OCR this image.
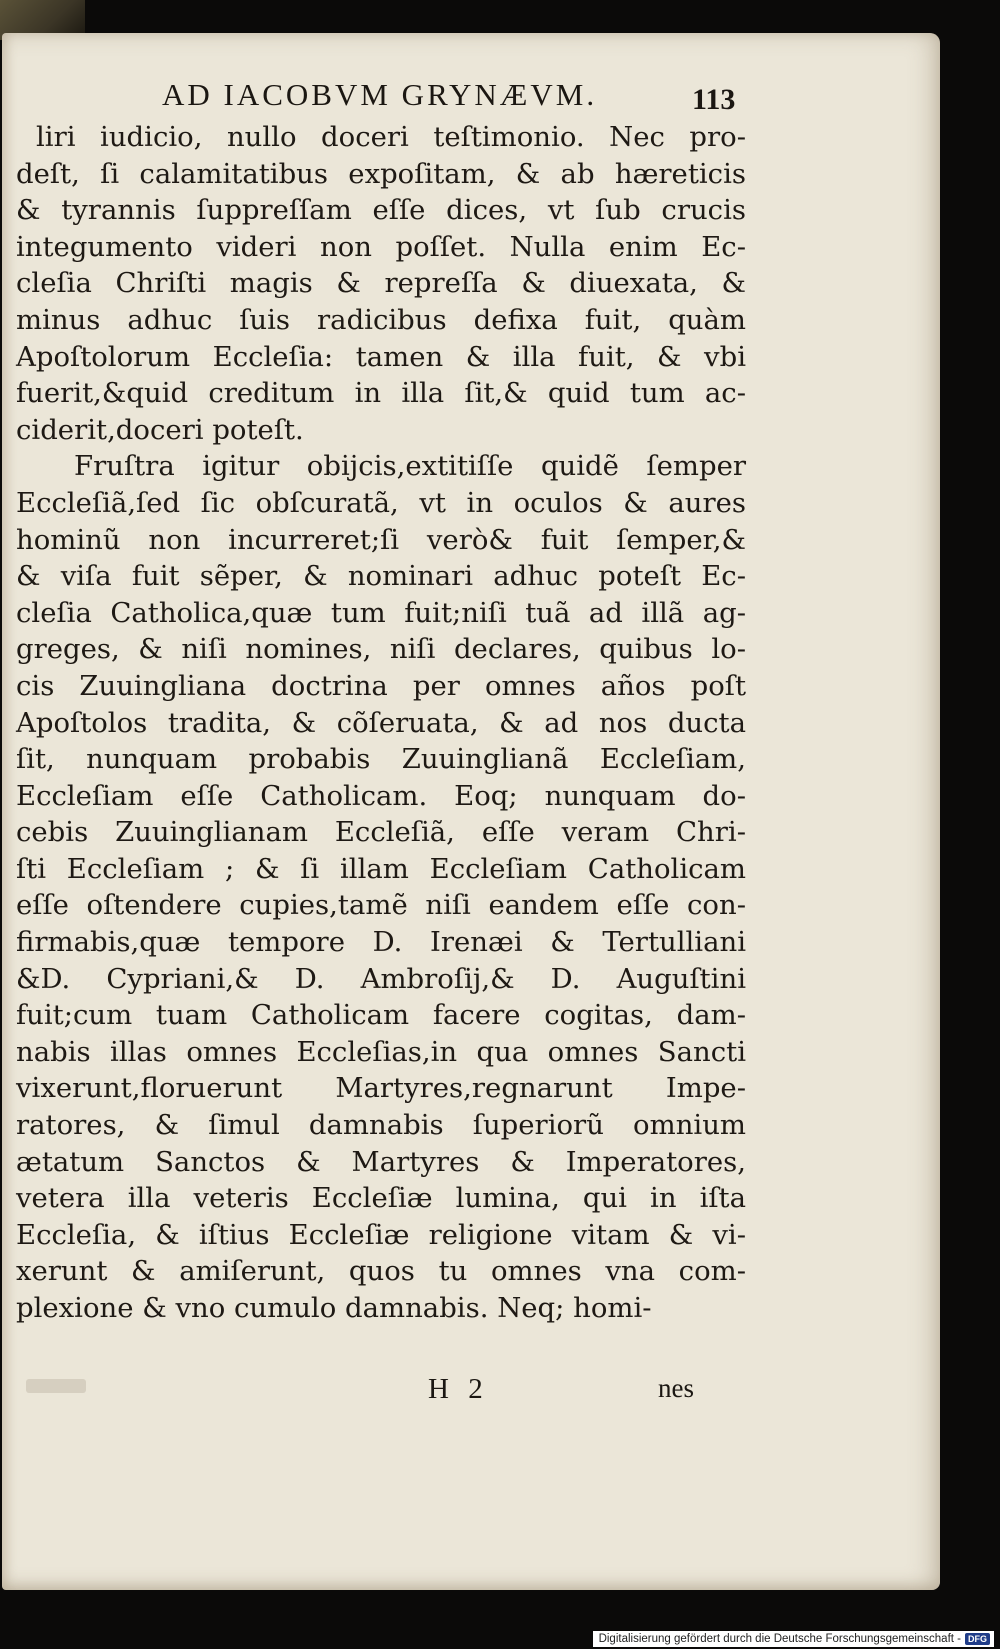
AD IACOBVM GRYNÆVM.	113
liri iudicio, nullo doceri teſtimonio. Nec pro‑
deſt, ſi calamitatibus expoſitam, & ab hæreticis
& tyrannis ſuppreſſam eſſe dices, vt ſub crucis
integumento videri non poſſet. Nulla enim Ec‑
cleſia Chriſti magis & repreſſa & diuexata, &
minus adhuc ſuis radicibus defixa fuit, quàm
Apoſtolorum Eccleſia: tamen & illa fuit, & vbi
fuerit,&quid creditum in illa ſit,& quid tum ac‑
ciderit,doceri poteſt.
Fruſtra igitur obijcis,extitiſſe quidẽ ſemper
Eccleſiã,ſed ſic obſcuratã, vt in oculos & aures
hominũ non incurreret;ſi verò& fuit ſemper,&
& viſa fuit sẽper, & nominari adhuc poteſt Ec‑
cleſia Catholica,quæ tum fuit;niſi tuã ad illã ag‑
greges, & niſi nomines, niſi declares, quibus lo‑
cis Zuuingliana doctrina per omnes años poſt
Apoſtolos tradita, & cõſeruata, & ad nos ducta
ſit, nunquam probabis Zuuinglianã Eccleſiam,
Eccleſiam eſſe Catholicam. Eoq; nunquam do‑
cebis Zuuinglianam Eccleſiã, eſſe veram Chri‑
ſti Eccleſiam ; & ſi illam Eccleſiam Catholicam
eſſe oſtendere cupies,tamẽ niſi eandem eſſe con‑
firmabis,quæ tempore D. Irenæi & Tertulliani
&D. Cypriani,& D. Ambroſij,& D. Auguſtini
fuit;cum tuam Catholicam facere cogitas, dam‑
nabis illas omnes Eccleſias,in qua omnes Sancti
vixerunt,floruerunt Martyres,regnarunt Impe‑
ratores, & ſimul damnabis ſuperiorũ omnium
ætatum Sanctos & Martyres & Imperatores,
vetera illa veteris Eccleſiæ lumina, qui in iſta
Eccleſia, & iſtius Eccleſiæ religione vitam & vi‑
xerunt & amiſerunt, quos tu omnes vna com‑
plexione & vno cumulo damnabis. Neq; homi‑
H 2	nes
Digitalisierung gefördert durch die Deutsche Forschungsgemeinschaft - DFG
